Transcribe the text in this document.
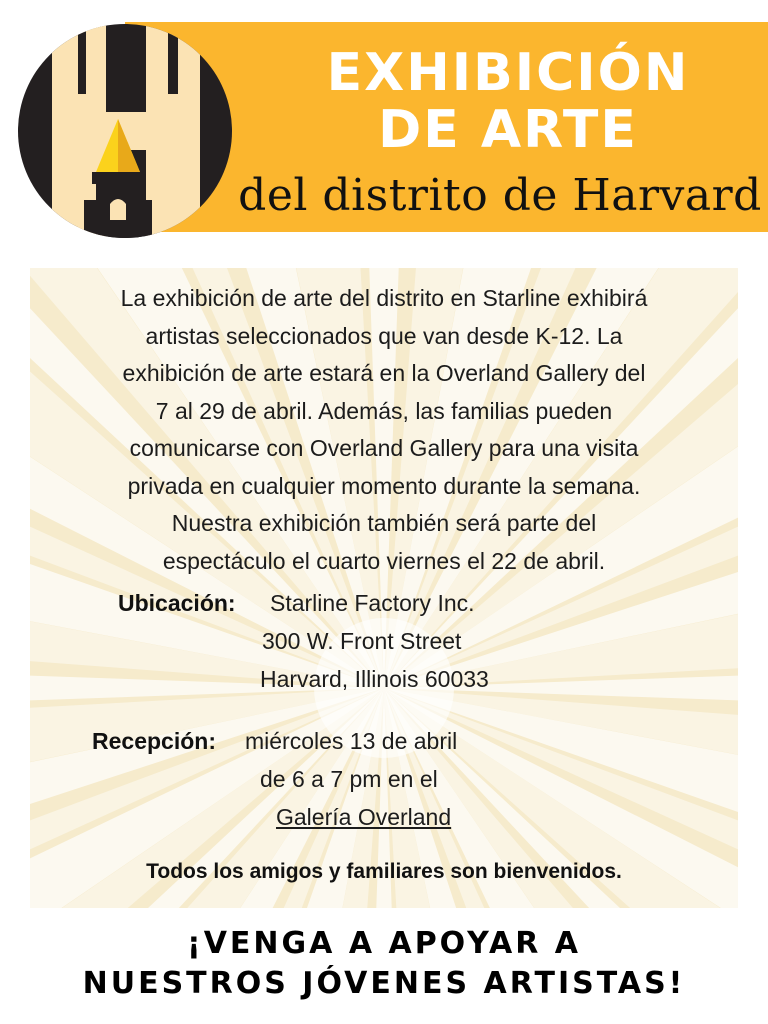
EXHIBICIÓN
DE ARTE
del distrito de Harvard
La exhibición de arte del distrito en Starline exhibirá
artistas seleccionados que van desde K-12. La
exhibición de arte estará en la Overland Gallery del
7 al 29 de abril. Además, las familias pueden
comunicarse con Overland Gallery para una visita
privada en cualquier momento durante la semana.
Nuestra exhibición también será parte del
espectáculo el cuarto viernes el 22 de abril.
Ubicación: Starline Factory Inc.
300 W. Front Street
Harvard, Illinois 60033
Recepción: miércoles 13 de abril
de 6 a 7 pm en el
Galería Overland
Todos los amigos y familiares son bienvenidos.
¡VENGA A APOYAR A
NUESTROS JÓVENES ARTISTAS!
